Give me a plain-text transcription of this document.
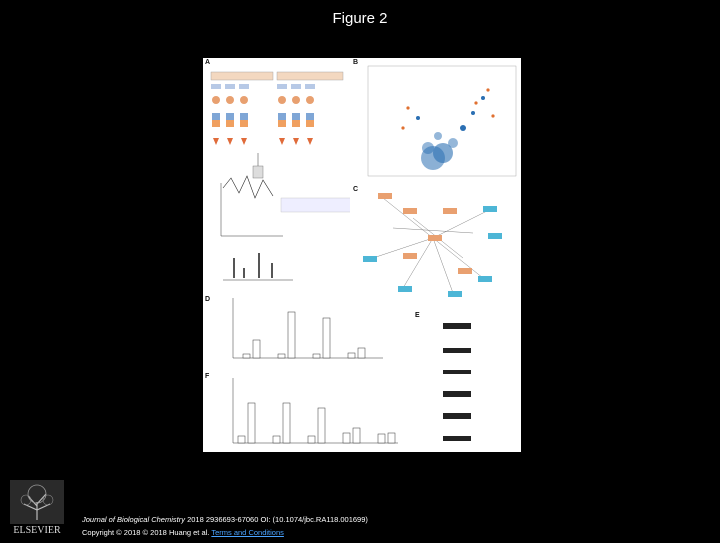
Figure 2
A	B
C
D
E
F
ELSEVIER
Journal of Biological Chemistry 2018 2936693-67060 OI: (10.1074/jbc.RA118.001699)
Copyright © 2018 © 2018 Huang et al. Terms and Conditions
